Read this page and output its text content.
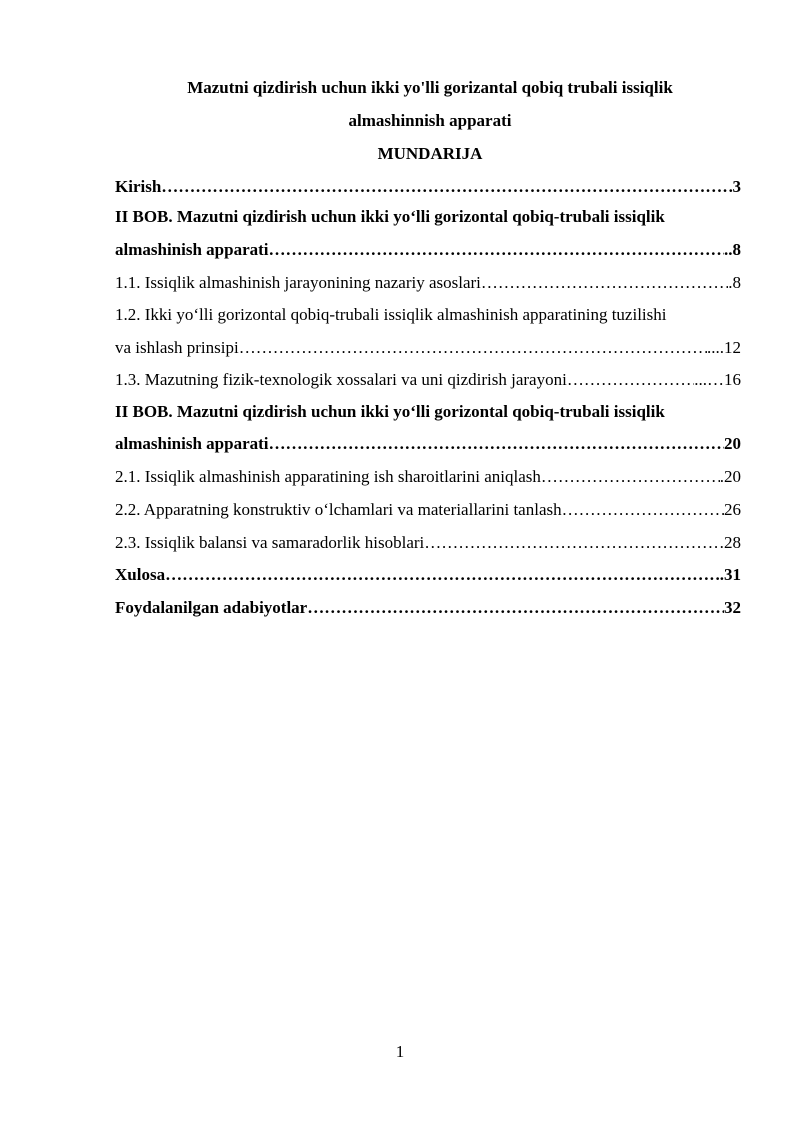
Mazutni qizdirish uchun ikki yo'lli gorizantal qobiq trubali issiqlik
almashinnish apparati
MUNDARIJA
Kirish ……………………………………………………………………………………………………………………………………………………………………………………………………………………	3
II BOB. Mazutni qizdirish uchun ikki yo‘lli gorizontal qobiq-trubali issiqlik
almashinish apparati ……………………………………………………………………………………………………………………………………………………………………………………………………………………	..8
1.1. Issiqlik almashinish jarayonining nazariy asoslari ……………………………………………………………………………………………………………………………………………………………………………………………………………………	.8
1.2. Ikki yo‘lli gorizontal qobiq-trubali issiqlik almashinish apparatining tuzilishi
va ishlash prinsipi ……………………………………………………………………………………………………………………………………………………………………………………………………………………	....12
1.3. Mazutning fizik-texnologik xossalari va uni qizdirish jarayoni ……………………………………………………………………………………………………………………………………………………………………………………………………………………	...…16
II BOB. Mazutni qizdirish uchun ikki yo‘lli gorizontal qobiq-trubali issiqlik
almashinish apparati ……………………………………………………………………………………………………………………………………………………………………………………………………………………	20
2.1. Issiqlik almashinish apparatining ish sharoitlarini aniqlash ……………………………………………………………………………………………………………………………………………………………………………………………………………………	.20
2.2. Apparatning konstruktiv o‘lchamlari va materiallarini tanlash ……………………………………………………………………………………………………………………………………………………………………………………………………………………	26
2.3. Issiqlik balansi va samaradorlik hisoblari ……………………………………………………………………………………………………………………………………………………………………………………………………………………	28
Xulosa ……………………………………………………………………………………………………………………………………………………………………………………………………………………	.31
Foydalanilgan adabiyotlar ……………………………………………………………………………………………………………………………………………………………………………………………………………………	32
1
